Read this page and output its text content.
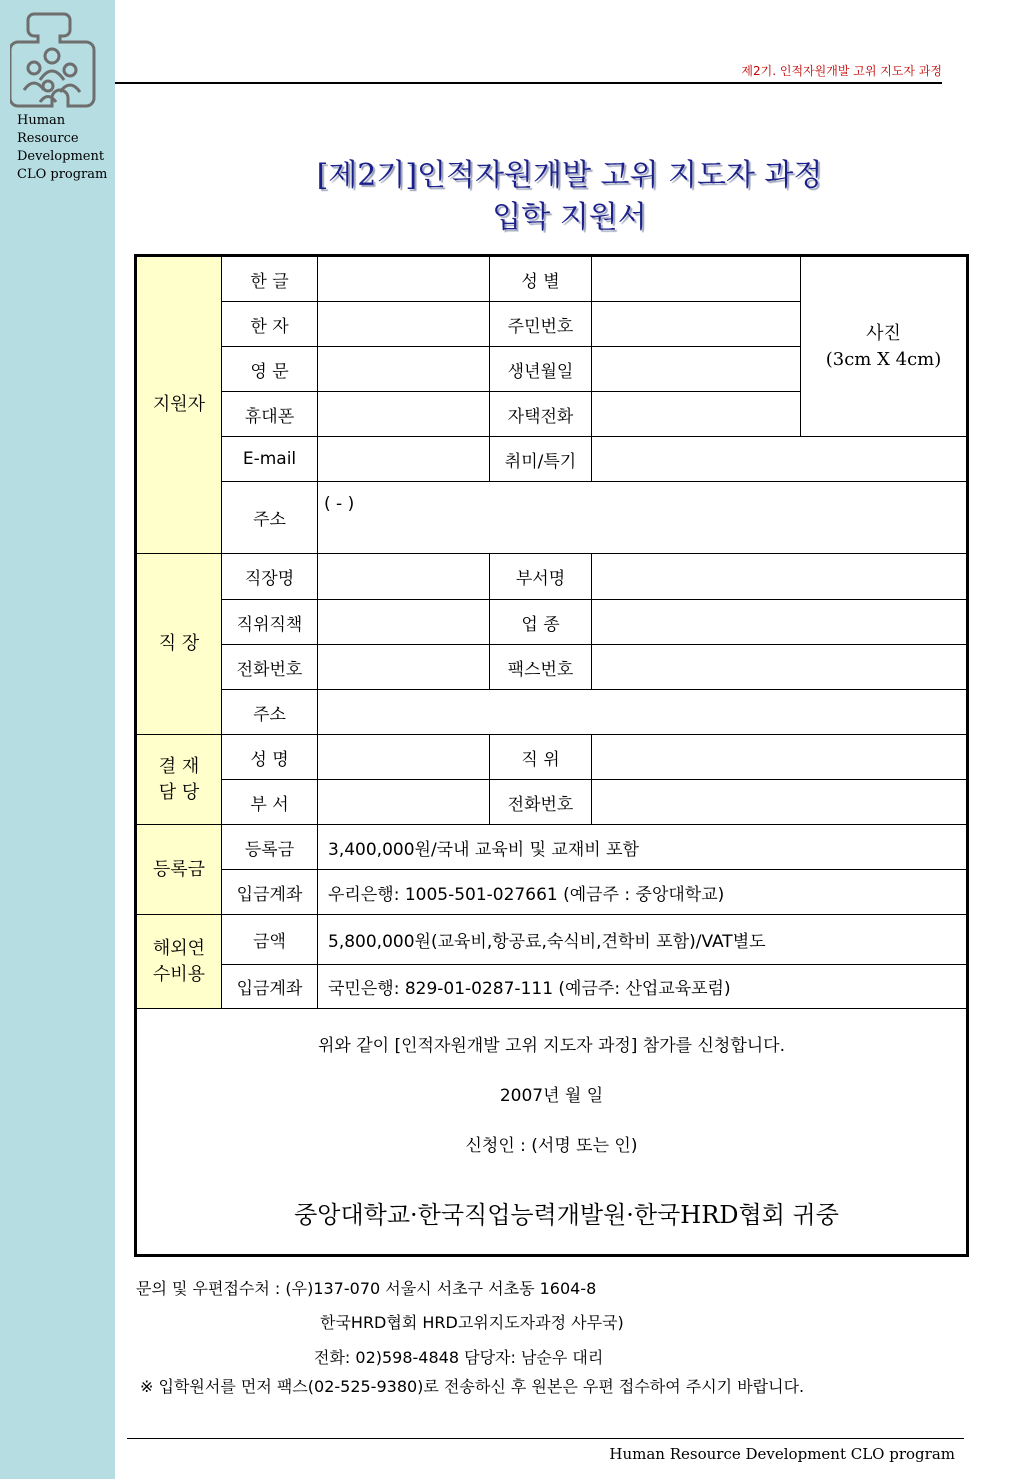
Human
Resource
Development
CLO program
제2기. 인적자원개발 고위 지도자 과정
[제2기]인적자원개발 고위 지도자 과정
입학 지원서
지원자	한 글		성 별		사진
(3cm X 4cm)

	한 자		주민번호		
	영 문		생년월일		
	휴대폰		자택전화		
	E-mail		취미/특기		
	주소	( - )			

직 장	직장명		부서명		
	직위직책		업 종		
	전화번호		팩스번호		
	주소				

결 재
담 당	성 명		직 위		
	부 서		전화번호		
등록금	등록금	3,400,000원/국내 교육비 및 교재비 포함			
	입금계좌	우리은행: 1005-501-027661 (예금주 : 중앙대학교)			

해외연
수비용	금액	5,800,000원(교육비,항공료,숙식비,견학비 포함)/VAT별도			
	입금계좌	국민은행: 829-01-0287-111 (예금주: 산업교육포럼)			

위와 같이 [인적자원개발 고위 지도자 과정] 참가를 신청합니다.
2007년 월 일
신청인 : (서명 또는 인)
중앙대학교·한국직업능력개발원·한국HRD협회 귀중					
문의 및 우편접수처 : (우)137-070 서울시 서초구 서초동 1604-8
한국HRD협회 HRD고위지도자과정 사무국)
전화: 02)598-4848 담당자: 남순우 대리
※ 입학원서를 먼저 팩스(02-525-9380)로 전송하신 후 원본은 우편 접수하여 주시기 바랍니다.
Human Resource Development CLO program
